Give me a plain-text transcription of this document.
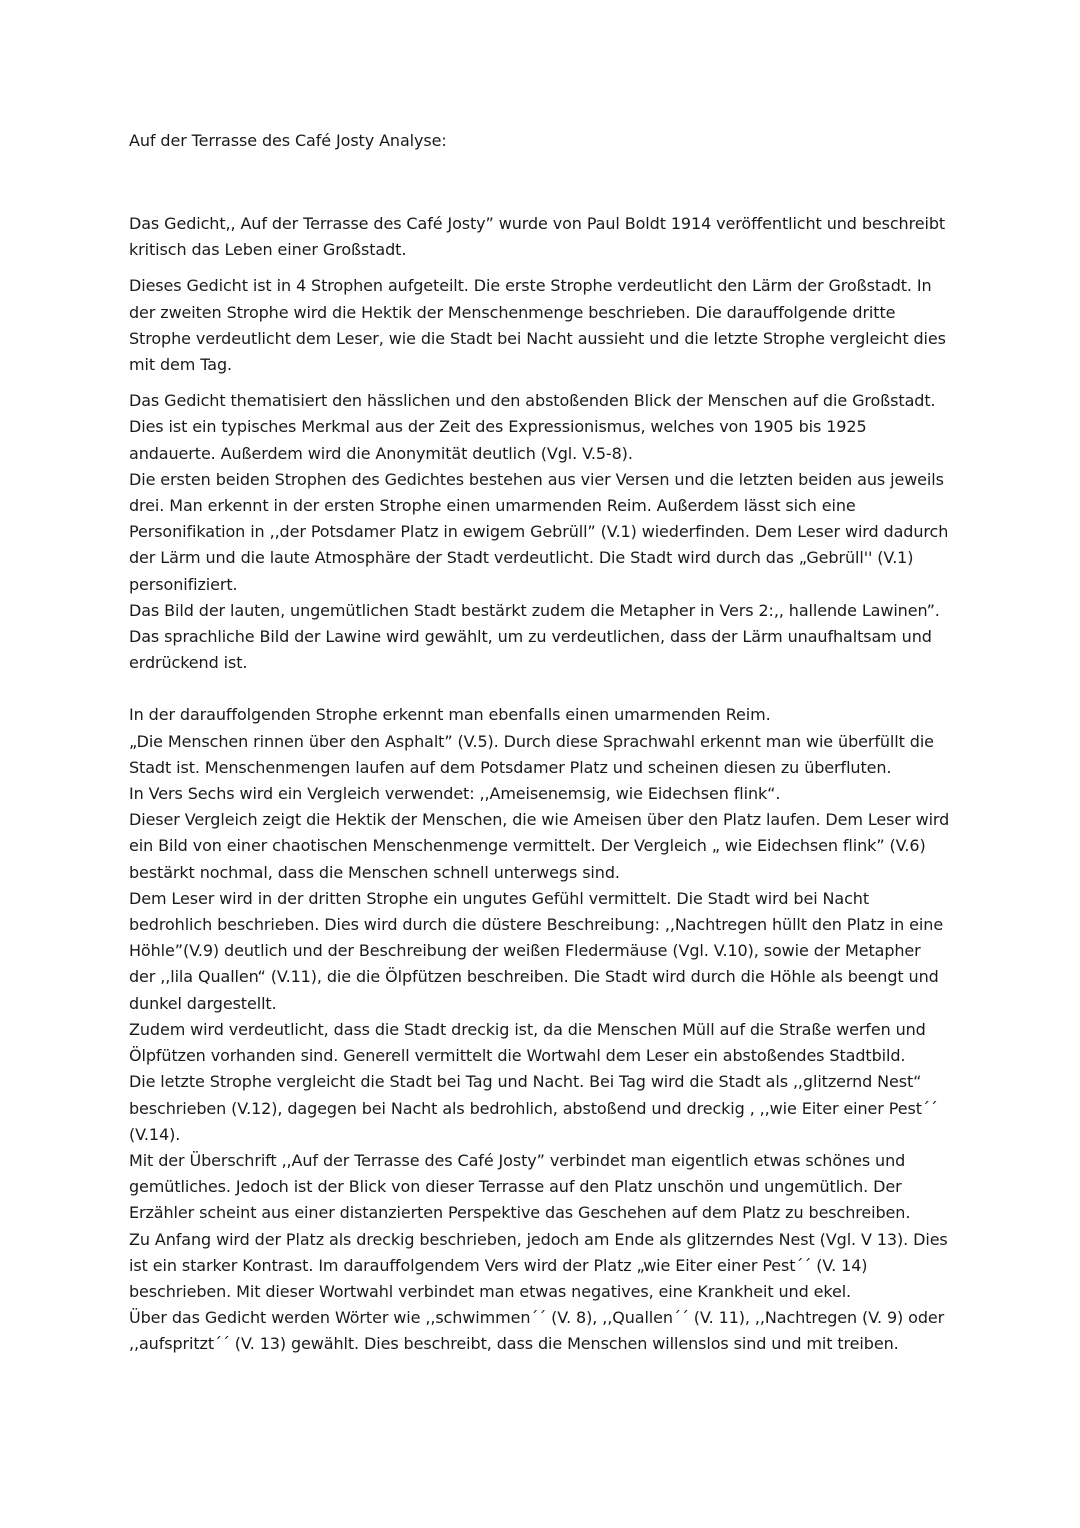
Auf der Terrasse des Café Josty Analyse:

Das Gedicht,, Auf der Terrasse des Café Josty” wurde von Paul Boldt 1914 veröffentlicht und beschreibt kritisch das Leben einer Großstadt.

Dieses Gedicht ist in 4 Strophen aufgeteilt. Die erste Strophe verdeutlicht den Lärm der Großstadt. In der zweiten Strophe wird die Hektik der Menschenmenge beschrieben. Die darauffolgende dritte Strophe verdeutlicht dem Leser, wie die Stadt bei Nacht aussieht und die letzte Strophe vergleicht dies mit dem Tag.

Das Gedicht thematisiert den hässlichen und den abstoßenden Blick der Menschen auf die Großstadt. Dies ist ein typisches Merkmal aus der Zeit des Expressionismus, welches von 1905 bis 1925 andauerte. Außerdem wird die Anonymität deutlich (Vgl. V.5-8).

Die ersten beiden Strophen des Gedichtes bestehen aus vier Versen und die letzten beiden aus jeweils drei. Man erkennt in der ersten Strophe einen umarmenden Reim. Außerdem lässt sich eine Personifikation in ,,der Potsdamer Platz in ewigem Gebrüll” (V.1) wiederfinden. Dem Leser wird dadurch der Lärm und die laute Atmosphäre der Stadt verdeutlicht. Die Stadt wird durch das „Gebrüll'' (V.1) personifiziert.

Das Bild der lauten, ungemütlichen Stadt bestärkt zudem die Metapher in Vers 2:,, hallende Lawinen”. Das sprachliche Bild der Lawine wird gewählt, um zu verdeutlichen, dass der Lärm unaufhaltsam und erdrückend ist.

In der darauffolgenden Strophe erkennt man ebenfalls einen umarmenden Reim.

„Die Menschen rinnen über den Asphalt” (V.5). Durch diese Sprachwahl erkennt man wie überfüllt die Stadt ist. Menschenmengen laufen auf dem Potsdamer Platz und scheinen diesen zu überfluten.

In Vers Sechs wird ein Vergleich verwendet: ,,Ameisenemsig, wie Eidechsen flink“.

Dieser Vergleich zeigt die Hektik der Menschen, die wie Ameisen über den Platz laufen. Dem Leser wird ein Bild von einer chaotischen Menschenmenge vermittelt. Der Vergleich „ wie Eidechsen flink” (V.6) bestärkt nochmal, dass die Menschen schnell unterwegs sind.

Dem Leser wird in der dritten Strophe ein ungutes Gefühl vermittelt. Die Stadt wird bei Nacht bedrohlich beschrieben. Dies wird durch die düstere Beschreibung: ,,Nachtregen hüllt den Platz in eine Höhle”(V.9) deutlich und der Beschreibung der weißen Fledermäuse (Vgl. V.10), sowie der Metapher der ,,lila Quallen“ (V.11), die die Ölpfützen beschreiben. Die Stadt wird durch die Höhle als beengt und dunkel dargestellt.

Zudem wird verdeutlicht, dass die Stadt dreckig ist, da die Menschen Müll auf die Straße werfen und Ölpfützen vorhanden sind. Generell vermittelt die Wortwahl dem Leser ein abstoßendes Stadtbild.

Die letzte Strophe vergleicht die Stadt bei Tag und Nacht. Bei Tag wird die Stadt als ,,glitzernd Nest“ beschrieben (V.12), dagegen bei Nacht als bedrohlich, abstoßend und dreckig , ,,wie Eiter einer Pest´´ (V.14).

Mit der Überschrift ,,Auf der Terrasse des Café Josty” verbindet man eigentlich etwas schönes und gemütliches. Jedoch ist der Blick von dieser Terrasse auf den Platz unschön und ungemütlich. Der Erzähler scheint aus einer distanzierten Perspektive das Geschehen auf dem Platz zu beschreiben.

Zu Anfang wird der Platz als dreckig beschrieben, jedoch am Ende als glitzerndes Nest (Vgl. V 13). Dies ist ein starker Kontrast. Im darauffolgendem Vers wird der Platz „wie Eiter einer Pest´´ (V. 14) beschrieben. Mit dieser Wortwahl verbindet man etwas negatives, eine Krankheit und ekel.

Über das Gedicht werden Wörter wie ,,schwimmen´´ (V. 8), ,,Quallen´´ (V. 11), ,,Nachtregen (V. 9) oder ,,aufspritzt´´ (V. 13) gewählt. Dies beschreibt, dass die Menschen willenslos sind und mit treiben.
